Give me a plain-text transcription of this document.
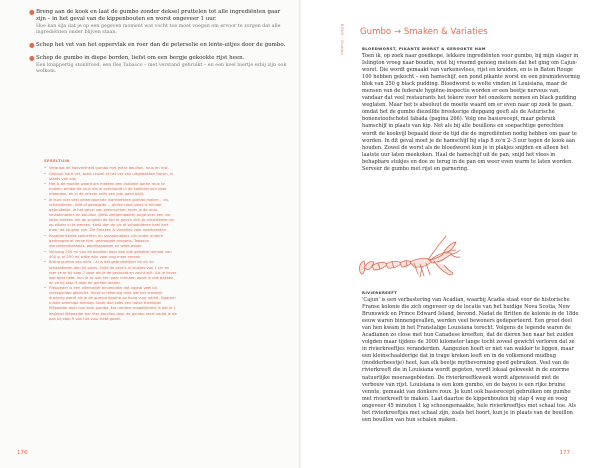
● Breng aan de kook en laat de gumbo zonder deksel pruttelen tot alle ingrediënten gaar zijn – in het geval van de kippenbouten en worst ongeveer 1 uur.
Hoe kan sijn dat je op een gegeven moment wat vocht toe moet voegen om ervoor te zorgen dat alle ingrediënten onder blijven staan.
● Schep het vet van het oppervlak en roer dan de peterselie en lente-uitjes door de gumbo.
● Schep de gumbo in diepe borden, liefst om een bergje gekookte rijst heen.
Een knappertig stokbrood, een fles Tabasco – met verstand gebruikt – en een koel biertje erbij zijn ook welkom.
SPEELTUIN
• Vergroot de hoeveelheid gumbo met extra bouillon, roux en rijst.
• Gebruik hard vet, zoals reuzel of het vet van uitgebakken bacon, in plaats van olie.
• Het is de moeite waard om meteen een dubbele portie roux te maken; omdat de roux die je overhoudt in de koelkast een paar maanden, en in de vriezer zelfs een jaar goed blijft.
• Je kunt niet veel uiteenlopende ingrediënten gumbo maken – vis, schaaldieren, wild of gevogelte –, alleen rood vlees is minder gebruikelijk. In het geval van zeevruchten meer je de roux, smaakmakers en bouillon (liefst zelfgemaakte) onge-veer een uur laten trekken om de smaken de tijd te geven zich te ontwikkelen en op elkaar in te werken. Kook dan de vis of schaaldieren heel kort mee, tot ze gaar zijn. Zie Smaken & Variaties voor voorbeelden.
• Karakteristieke specerijen en smaakmakers zijn onder andere gedroogde of verse tijm, gedroogde oregano, Tabasco, worcestersheesaus, paprikapoeder en witte peper.
• Vervang 250 ml van de bouillon door een blik gehakte tomaat van 400 g, of 250 ml witte wijn voor nog meer smaak.
• Breng gumbo van okra – al is dat gebruikelijker bij vis en schaaldieren dan bij vlees. Snijd de okra's in stukjes van 1 cm en roer ze er bij stap 7 door als je de gevlooid en zacht wilt. Als je liever wat beet hebt, kun je ze ook een paar minuten apart in olie bakken en ze bij stap 9 door de gumbo roeren.
• Filépoeder is een alternatief bindmiddel dat vooral veel bij vleesgumbo gebruikt. Houd er rekening mee dat het vreselijk draderig wordt als je de gumbo daarna op hoog vuur verhit. Daarom mixen sommige mensen liever aan tafel een halve theelepel filépoeder door hun kom gumbo. Een andere mogelijkheid is dat je 1 eetlepel filépoeder per liter bouillon door de gumbo roert nadat je de pan bij stap 9 van het vuur hebt gezet.
176	177
ROUX · Gumbo Gumbo → Smaken & Variaties
BLOEDWORST, PIKANTE WORST & GEROOKTE HAM

Toen ik, op zoek naar goedkope, lekkere ingrediënten voor gumbo, bij mijn slager in Islington vroeg naar boudin, wist hij vreemd genoeg meteen dat het ging om Cajun-worst. Die wordt gemaakt van varkensvlees, rijst en kruiden, en is in Baton Rouge 100 hebben gekocht – een hamschijf, een pond pikante worst en een piramidevormig blok van 250 g black pudding. Bloedworst is welte vinden in Louisiana, maar de mensen van de federale hygiëne-inspectie worden er een beetje nerveus van, vandaar dat veel restaurants het tekere voor het onzekere nemen en black pudding weglaten. Maar het is absoluut de moeite waard om er even naar op zoek te gaan, omdat het de gumbo diezelfde breekerige diepgang geeft als de Asturische bonenstoofschotel fabada (pagina 266). Volg ons basisrecept, maar gebruik hamschijf in plaats van kip. Net als bij alle bouillons en soepachtige gerechten wordt de kookvijl bepaald door de tijd die de ingrediënten nodig hebben om gaar te worden. In dit geval moet je de hamschijf bij stap 8 zo'n 2–3 uur tegen de kook aan houden. Zowel de worst als de bloedworst kun je in plakjes snijden en alleen het laatste uur laten meekoken. Haal de hamschijf uit de pan, snijd het vlees in behapbare stukjes en doe ze terug in de pan om weer even warm te laten worden. Serveer de gumbo met rijst en garnering.

RIVIERKREEFT

'Cajun' is een verbastering van Acadian, waarbij Acadia staat voor de historische Franse kolonie die zich ongeveer op de locatie van het huidige Nova Scotia, New Brunswick en Prince Edward Island, bevond. Nadat de Britten de kolonie in de 18de eeuw waren binnengevallen, werden veel bewoners gedeporteerd. Een groot deel van hen kwam in het Franstalige Louisiana terecht. Volgens de legende waren de Acadianen zo close met hun Canadese kreeften, dat de dieren hen naar het zuiden volgden maar tijdens de 3000 kilometer lange tocht zoveel gewicht verloren dat ze in rivierkreeftjes veranderden. Aangezien hoeft er niet van wakker te liggen, maar een kleinschaalderige dat in trage kreken leeft en in de volksmond mudbug (modderbeestje) heet, kan elk beetje mythevorming goed gebruiken. Veel van de rivierkreeft die in Louisiana wordt gegeten, wordt lokaal gekweekt in de enorme natuurlijke moerasgebieden. De rivierkreeftkweek wordt afgewisseld met de verbouw van rijst. Louisiana is een kom gumbo, en de bayou is een rijke bruine vennte, gemaakt van donkere roux. Je kunt ook basisrecept gebruiken om gumbo met rivierkreeft te maken. Laat daartoe de kippenbouten bij stap 4 weg en voeg ongeveer 45 minuten 1 kg schoongemaakte, hele rivierkreeftjes met schaal toe. Als het rivierkreeftjes met schaal zijn, zoals het hoort, kun je in plaats van de bouillon een bouillon van hun schalen maken.
